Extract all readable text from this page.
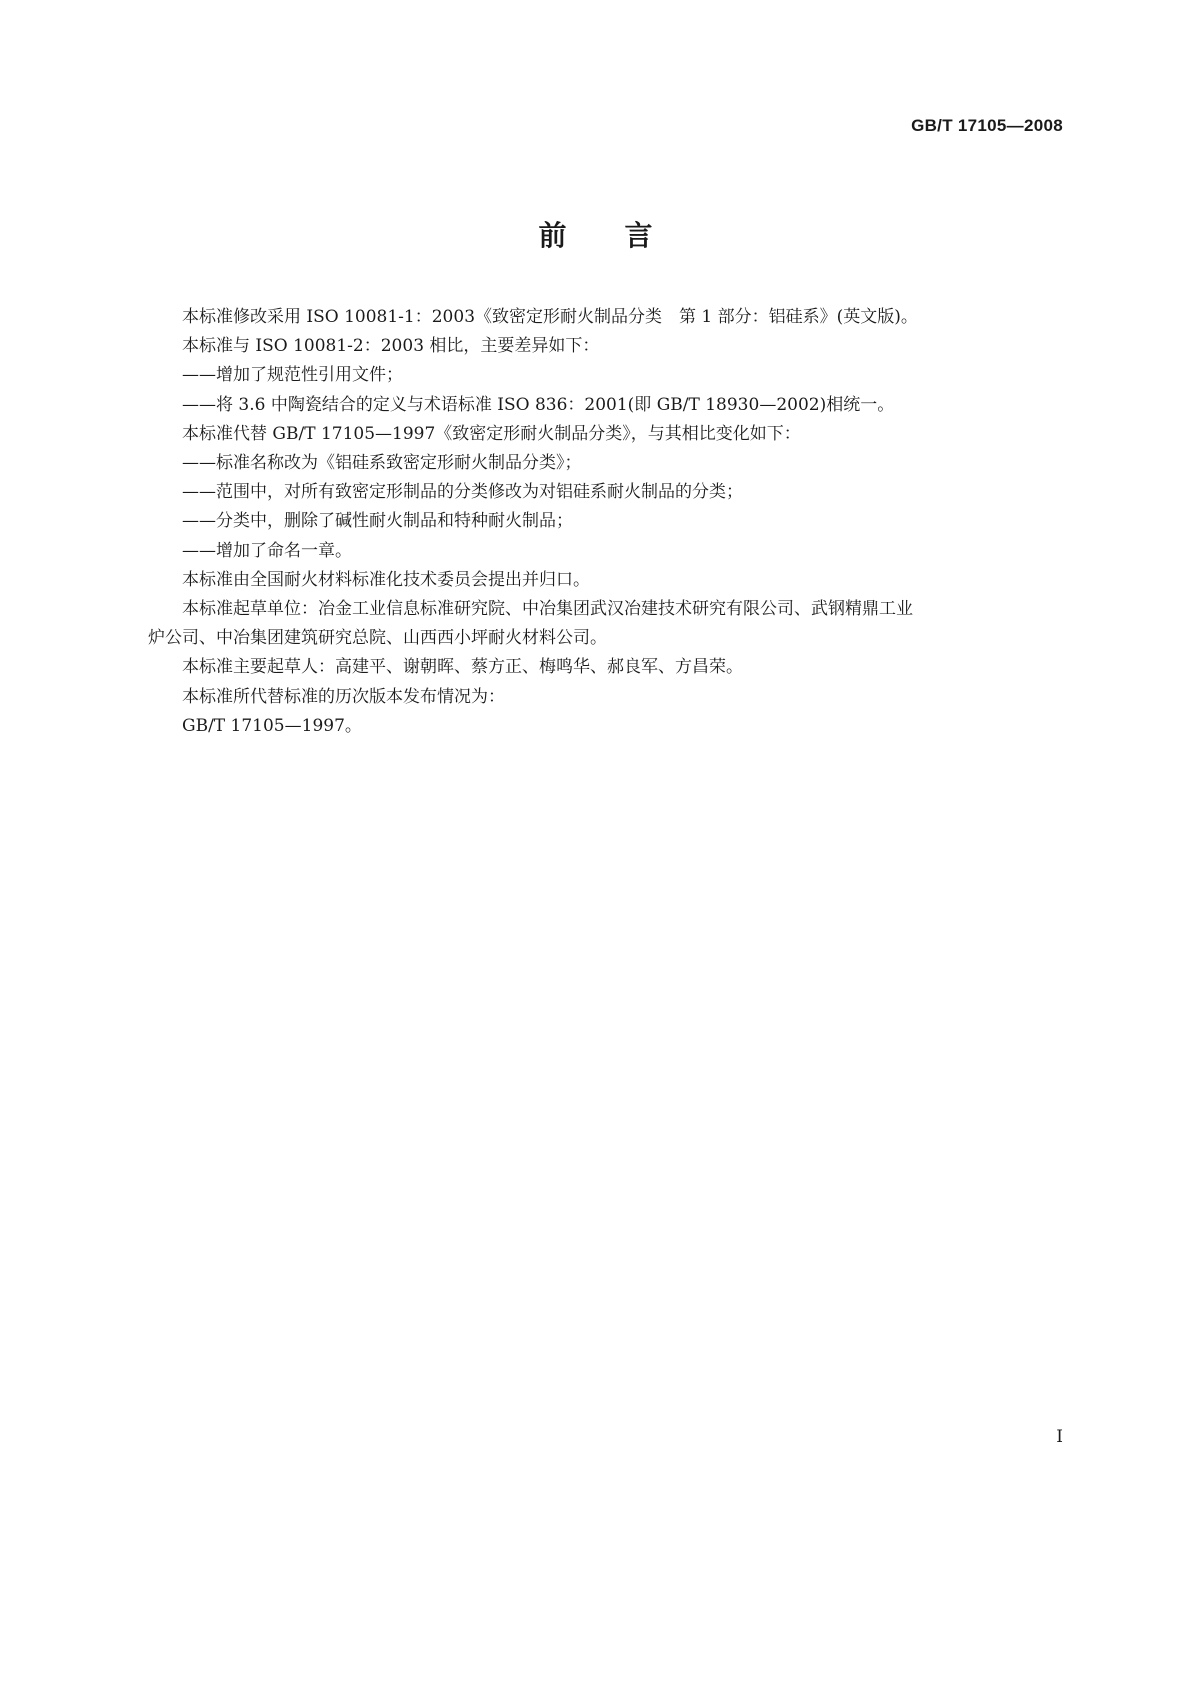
GB/T 17105—2008
前 言

本标准修改采用 ISO 10081-1：2003《致密定形耐火制品分类　第 1 部分：铝硅系》(英文版)。

本标准与 ISO 10081-2：2003 相比，主要差异如下：

——增加了规范性引用文件；

——将 3.6 中陶瓷结合的定义与术语标准 ISO 836：2001(即 GB/T 18930—2002)相统一。

本标准代替 GB/T 17105—1997《致密定形耐火制品分类》，与其相比变化如下：

——标准名称改为《铝硅系致密定形耐火制品分类》；

——范围中，对所有致密定形制品的分类修改为对铝硅系耐火制品的分类；

——分类中，删除了碱性耐火制品和特种耐火制品；

——增加了命名一章。

本标准由全国耐火材料标准化技术委员会提出并归口。

本标准起草单位：冶金工业信息标准研究院、中冶集团武汉冶建技术研究有限公司、武钢精鼎工业
炉公司、中冶集团建筑研究总院、山西西小坪耐火材料公司。

本标准主要起草人：高建平、谢朝晖、蔡方正、梅鸣华、郝良军、方昌荣。

本标准所代替标准的历次版本发布情况为：

GB/T 17105—1997。

I
